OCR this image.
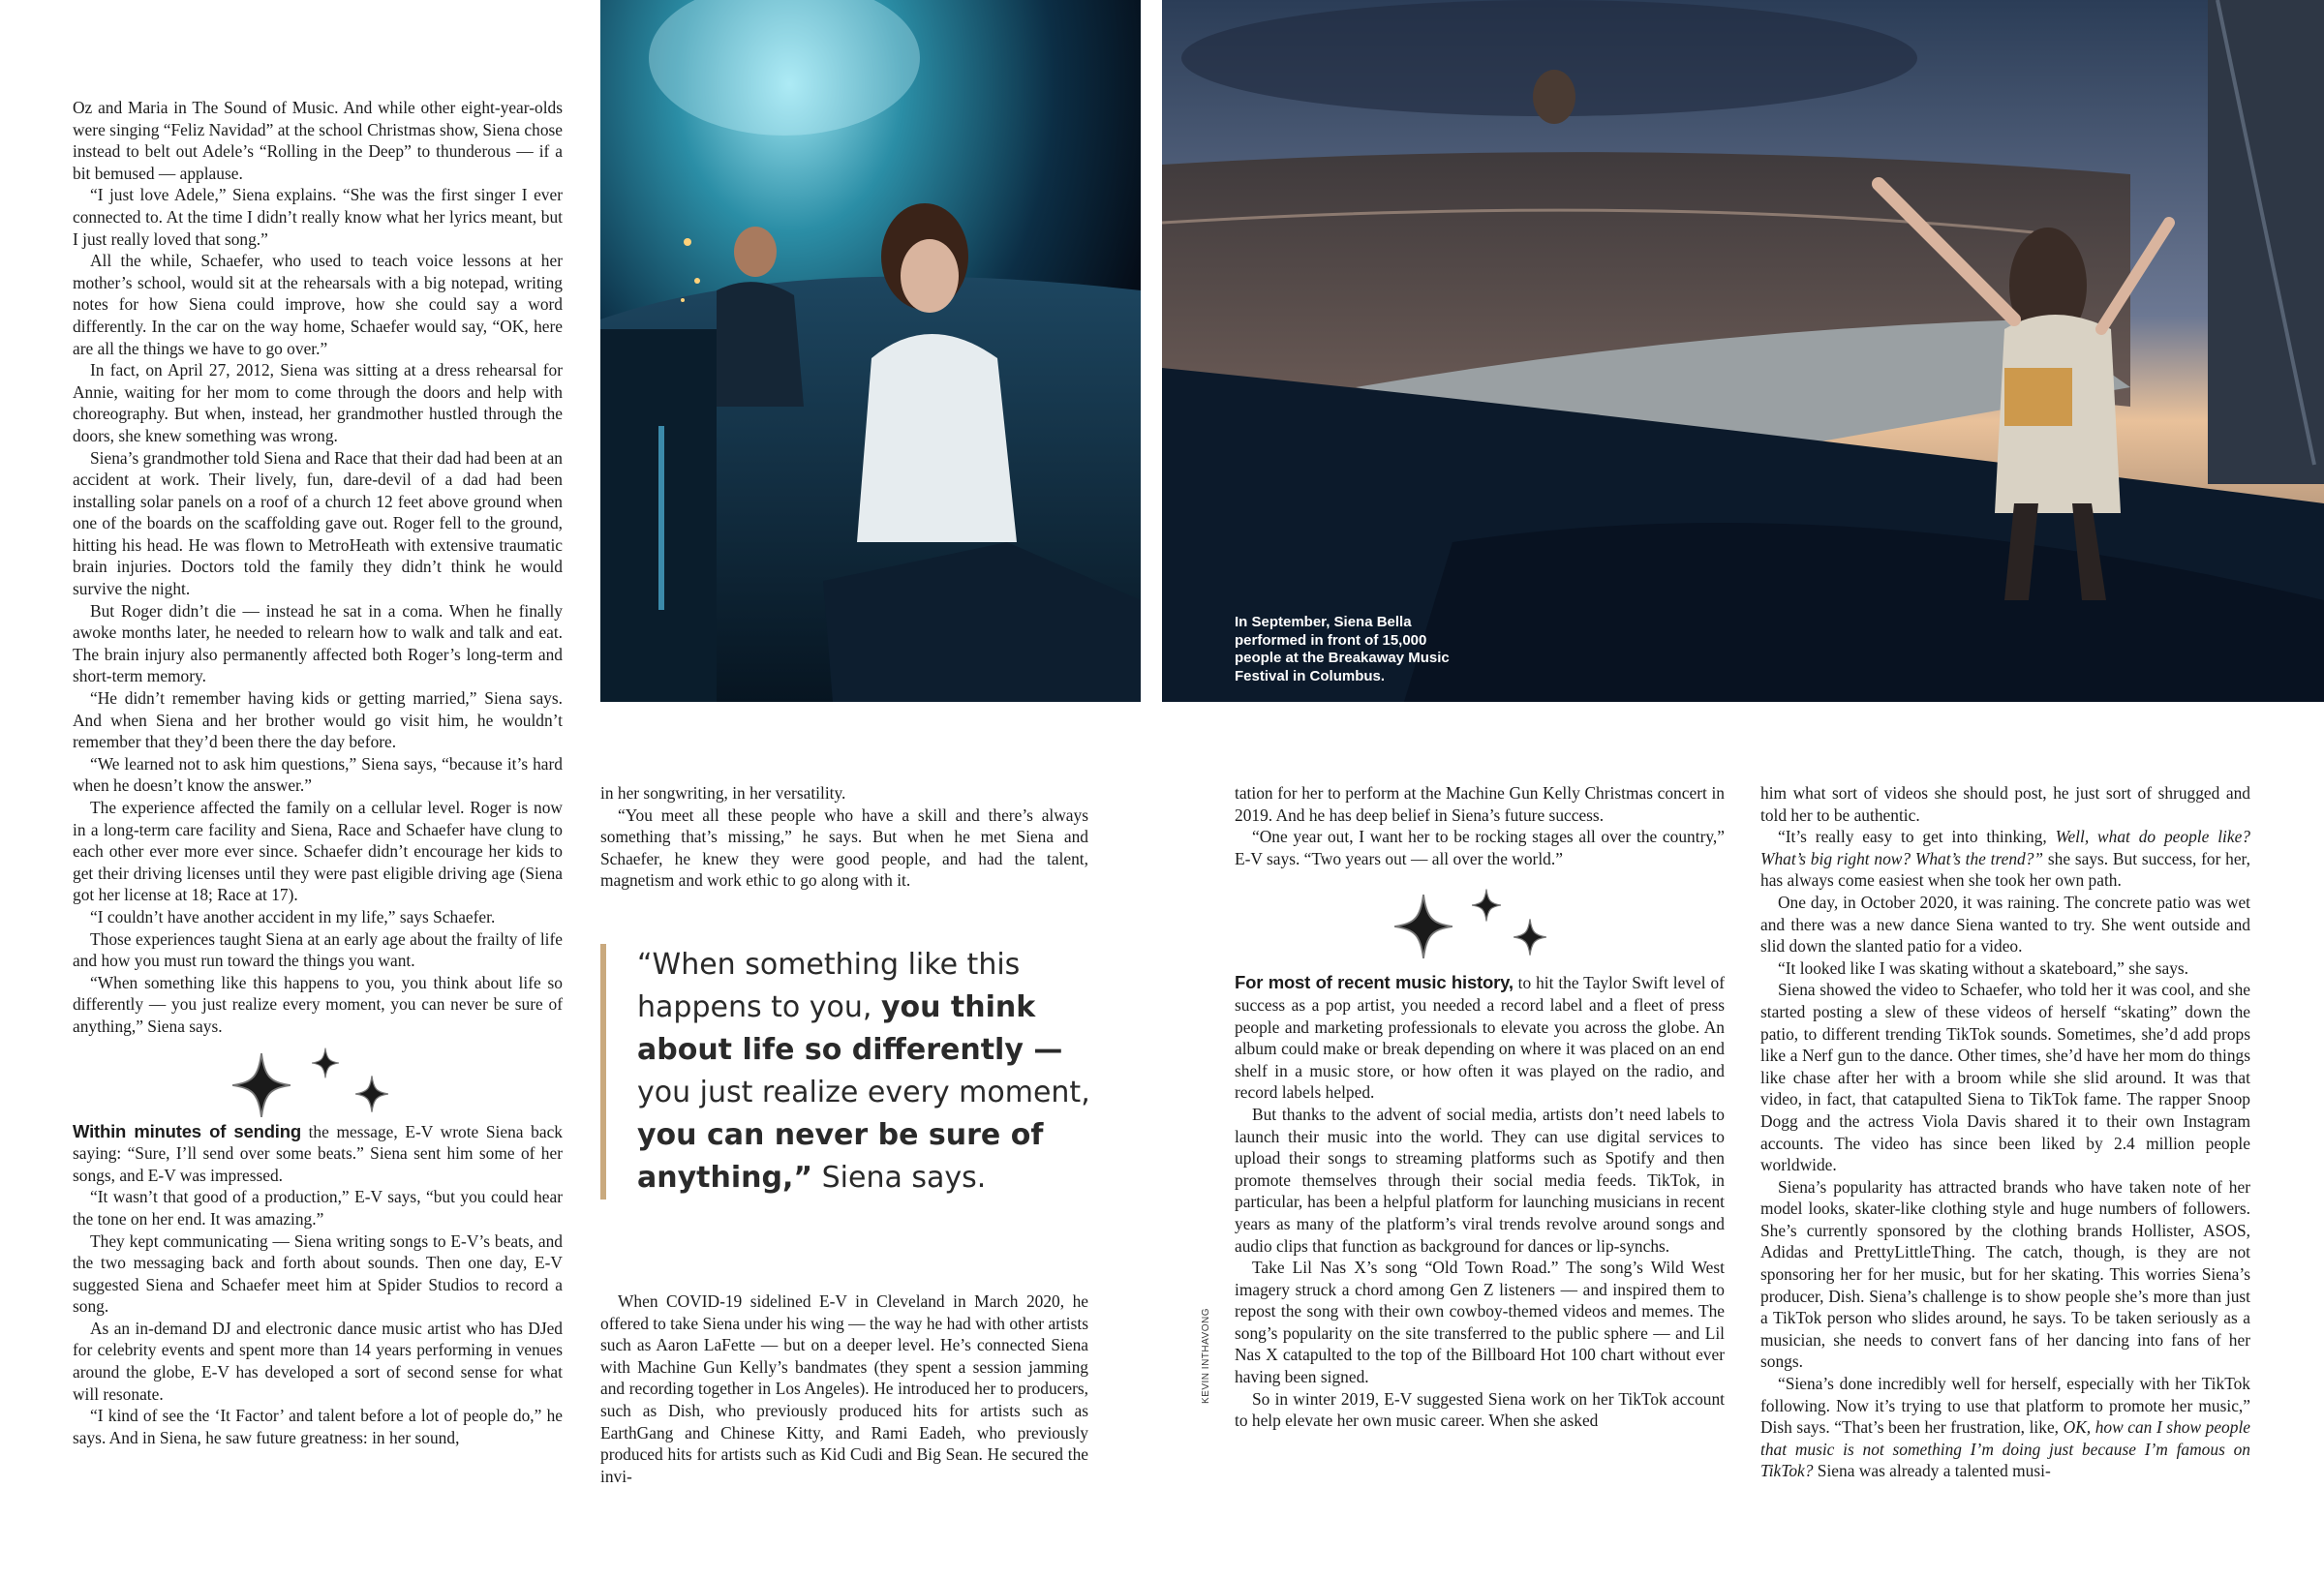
Oz and Maria in The Sound of Music. And while other eight-year-olds were singing “Feliz Navidad” at the school Christmas show, Siena chose instead to belt out Adele’s “Rolling in the Deep” to thunderous — if a bit bemused — applause.

“I just love Adele,” Siena explains. “She was the first singer I ever connected to. At the time I didn’t really know what her lyrics meant, but I just really loved that song.”

All the while, Schaefer, who used to teach voice lessons at her mother’s school, would sit at the rehearsals with a big notepad, writing notes for how Siena could improve, how she could say a word differently. In the car on the way home, Schaefer would say, “OK, here are all the things we have to go over.”

In fact, on April 27, 2012, Siena was sitting at a dress rehearsal for Annie, waiting for her mom to come through the doors and help with choreography. But when, instead, her grandmother hustled through the doors, she knew something was wrong.

Siena’s grandmother told Siena and Race that their dad had been at an accident at work. Their lively, fun, dare-devil of a dad had been installing solar panels on a roof of a church 12 feet above ground when one of the boards on the scaffolding gave out. Roger fell to the ground, hitting his head. He was flown to MetroHeath with extensive traumatic brain injuries. Doctors told the family they didn’t think he would survive the night.

But Roger didn’t die — instead he sat in a coma. When he finally awoke months later, he needed to relearn how to walk and talk and eat. The brain injury also permanently affected both Roger’s long-term and short-term memory.

“He didn’t remember having kids or getting married,” Siena says. And when Siena and her brother would go visit him, he wouldn’t remember that they’d been there the day before.

“We learned not to ask him questions,” Siena says, “because it’s hard when he doesn’t know the answer.”

The experience affected the family on a cellular level. Roger is now in a long-term care facility and Siena, Race and Schaefer have clung to each other ever more ever since. Schaefer didn’t encourage her kids to get their driving licenses until they were past eligible driving age (Siena got her license at 18; Race at 17).

“I couldn’t have another accident in my life,” says Schaefer.

Those experiences taught Siena at an early age about the frailty of life and how you must run toward the things you want.

“When something like this happens to you, you think about life so differently — you just realize every moment, you can never be sure of anything,” Siena says.

Within minutes of sending the message, E-V wrote Siena back saying: “Sure, I’ll send over some beats.” Siena sent him some of her songs, and E-V was impressed.

“It wasn’t that good of a production,” E-V says, “but you could hear the tone on her end. It was amazing.”

They kept communicating — Siena writing songs to E-V’s beats, and the two messaging back and forth about sounds. Then one day, E-V suggested Siena and Schaefer meet him at Spider Studios to record a song.

As an in-demand DJ and electronic dance music artist who has DJed for celebrity events and spent more than 14 years performing in venues around the globe, E-V has developed a sort of second sense for what will resonate.

“I kind of see the ‘It Factor’ and talent before a lot of people do,” he says. And in Siena, he saw future greatness: in her sound,

In September, Siena Bella performed in front of 15,000 people at the Breakaway Music Festival in Columbus.

in her songwriting, in her versatility.

“You meet all these people who have a skill and there’s always something that’s missing,” he says. But when he met Siena and Schaefer, he knew they were good people, and had the talent, magnetism and work ethic to go along with it.

“When something like this happens to you, you think about life so differently — you just realize every moment, you can never be sure of anything,” Siena says.

When COVID-19 sidelined E-V in Cleveland in March 2020, he offered to take Siena under his wing — the way he had with other artists such as Aaron LaFette — but on a deeper level. He’s connected Siena with Machine Gun Kelly’s bandmates (they spent a session jamming and recording together in Los Angeles). He introduced her to producers, such as Dish, who previously produced hits for artists such as EarthGang and Chinese Kitty, and Rami Eadeh, who previously produced hits for artists such as Kid Cudi and Big Sean. He secured the invi-

KEVIN INTHAVONG

tation for her to perform at the Machine Gun Kelly Christmas concert in 2019. And he has deep belief in Siena’s future success.

“One year out, I want her to be rocking stages all over the country,” E-V says. “Two years out — all over the world.”

For most of recent music history, to hit the Taylor Swift level of success as a pop artist, you needed a record label and a fleet of press people and marketing professionals to elevate you across the globe. An album could make or break depending on where it was placed on an end shelf in a music store, or how often it was played on the radio, and record labels helped.

But thanks to the advent of social media, artists don’t need labels to launch their music into the world. They can use digital services to upload their songs to streaming platforms such as Spotify and then promote themselves through their social media feeds. TikTok, in particular, has been a helpful platform for launching musicians in recent years as many of the platform’s viral trends revolve around songs and audio clips that function as background for dances or lip-synchs.

Take Lil Nas X’s song “Old Town Road.” The song’s Wild West imagery struck a chord among Gen Z listeners — and inspired them to repost the song with their own cowboy-themed videos and memes. The song’s popularity on the site transferred to the public sphere — and Lil Nas X catapulted to the top of the Billboard Hot 100 chart without ever having been signed.

So in winter 2019, E-V suggested Siena work on her TikTok account to help elevate her own music career. When she asked

him what sort of videos she should post, he just sort of shrugged and told her to be authentic.

“It’s really easy to get into thinking, Well, what do people like? What’s big right now? What’s the trend?” she says. But success, for her, has always come easiest when she took her own path.

One day, in October 2020, it was raining. The concrete patio was wet and there was a new dance Siena wanted to try. She went outside and slid down the slanted patio for a video.

“It looked like I was skating without a skateboard,” she says.

Siena showed the video to Schaefer, who told her it was cool, and she started posting a slew of these videos of herself “skating” down the patio, to different trending TikTok sounds. Sometimes, she’d add props like a Nerf gun to the dance. Other times, she’d have her mom do things like chase after her with a broom while she slid around. It was that video, in fact, that catapulted Siena to TikTok fame. The rapper Snoop Dogg and the actress Viola Davis shared it to their own Instagram accounts. The video has since been liked by 2.4 million people worldwide.

Siena’s popularity has attracted brands who have taken note of her model looks, skater-like clothing style and huge numbers of followers. She’s currently sponsored by the clothing brands Hollister, ASOS, Adidas and PrettyLittleThing. The catch, though, is they are not sponsoring her for her music, but for her skating. This worries Siena’s producer, Dish. Siena’s challenge is to show people she’s more than just a TikTok person who slides around, he says. To be taken seriously as a musician, she needs to convert fans of her dancing into fans of her songs.

“Siena’s done incredibly well for herself, especially with her TikTok following. Now it’s trying to use that platform to promote her music,” Dish says. “That’s been her frustration, like, OK, how can I show people that music is not something I’m doing just because I’m famous on TikTok? Siena was already a talented musi-
